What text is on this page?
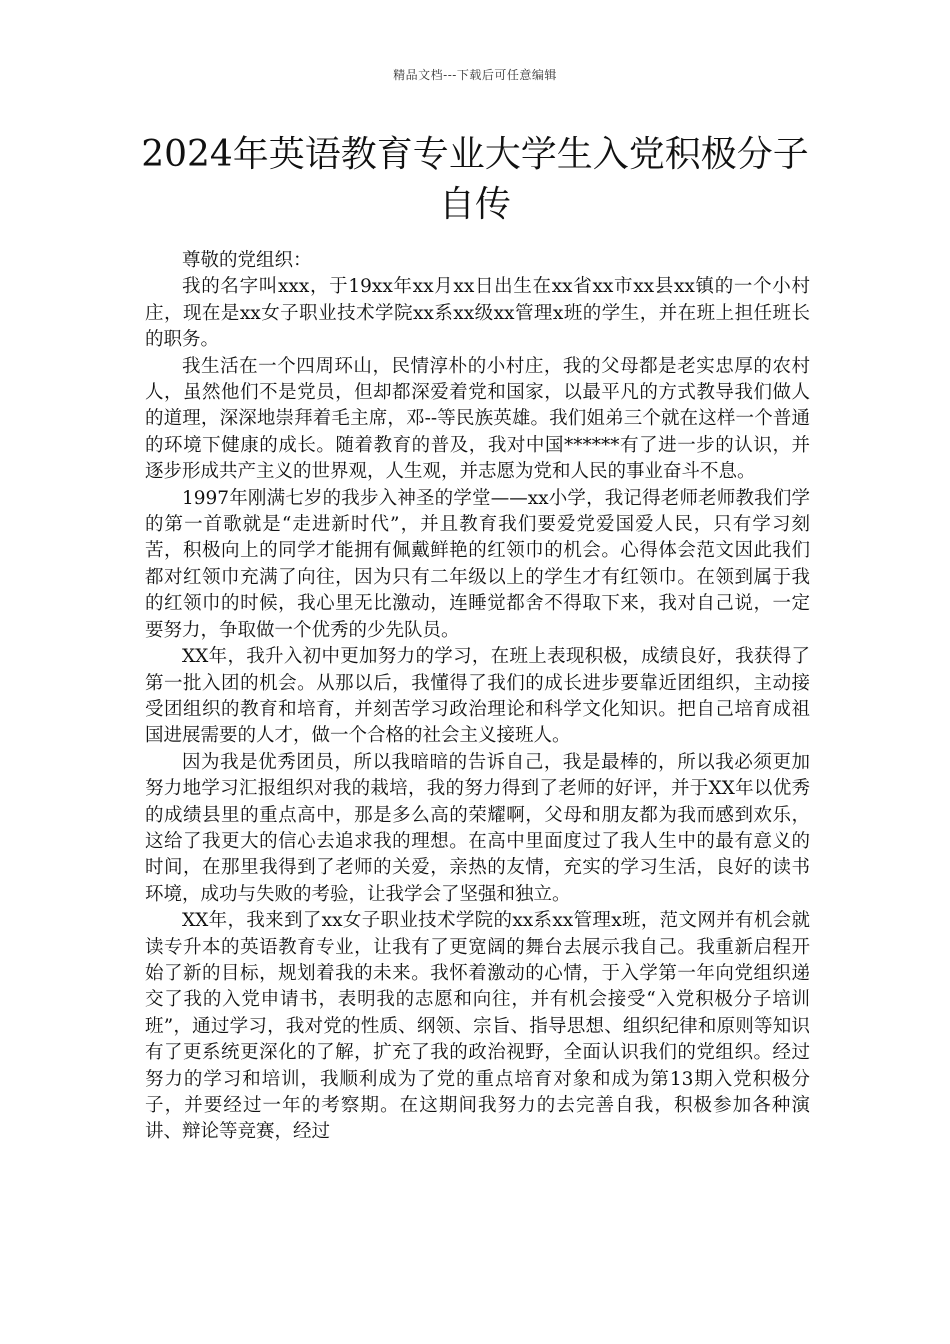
精品文档---下载后可任意编辑
2024年英语教育专业大学生入党积极分子自传

尊敬的党组织：

我的名字叫xxx，于19xx年xx月xx日出生在xx省xx市xx县xx镇的一个小村庄，现在是xx女子职业技术学院xx系xx级xx管理x班的学生，并在班上担任班长的职务。

我生活在一个四周环山，民情淳朴的小村庄，我的父母都是老实忠厚的农村人，虽然他们不是党员，但却都深爱着党和国家，以最平凡的方式教导我们做人的道理，深深地崇拜着毛主席，邓--等民族英雄。我们姐弟三个就在这样一个普通的环境下健康的成长。随着教育的普及，我对中国******有了进一步的认识，并逐步形成共产主义的世界观，人生观，并志愿为党和人民的事业奋斗不息。

1997年刚满七岁的我步入神圣的学堂——xx小学，我记得老师老师教我们学的第一首歌就是“走进新时代”，并且教育我们要爱党爱国爱人民，只有学习刻苦，积极向上的同学才能拥有佩戴鲜艳的红领巾的机会。心得体会范文因此我们都对红领巾充满了向往，因为只有二年级以上的学生才有红领巾。在领到属于我的红领巾的时候，我心里无比激动，连睡觉都舍不得取下来，我对自己说，一定要努力，争取做一个优秀的少先队员。

XX年，我升入初中更加努力的学习，在班上表现积极，成绩良好，我获得了第一批入团的机会。从那以后，我懂得了我们的成长进步要靠近团组织，主动接受团组织的教育和培育，并刻苦学习政治理论和科学文化知识。把自己培育成祖国进展需要的人才，做一个合格的社会主义接班人。

因为我是优秀团员，所以我暗暗的告诉自己，我是最棒的，所以我必须更加努力地学习汇报组织对我的栽培，我的努力得到了老师的好评，并于XX年以优秀的成绩县里的重点高中，那是多么高的荣耀啊，父母和朋友都为我而感到欢乐，这给了我更大的信心去追求我的理想。在高中里面度过了我人生中的最有意义的时间，在那里我得到了老师的关爱，亲热的友情，充实的学习生活，良好的读书环境，成功与失败的考验，让我学会了坚强和独立。

XX年，我来到了xx女子职业技术学院的xx系xx管理x班，范文网并有机会就读专升本的英语教育专业，让我有了更宽阔的舞台去展示我自己。我重新启程开始了新的目标，规划着我的未来。我怀着激动的心情，于入学第一年向党组织递交了我的入党申请书，表明我的志愿和向往，并有机会接受“入党积极分子培训班”，通过学习，我对党的性质、纲领、宗旨、指导思想、组织纪律和原则等知识有了更系统更深化的了解，扩充了我的政治视野，全面认识我们的党组织。经过努力的学习和培训，我顺利成为了党的重点培育对象和成为第13期入党积极分子，并要经过一年的考察期。在这期间我努力的去完善自我，积极参加各种演讲、辩论等竞赛，经过
